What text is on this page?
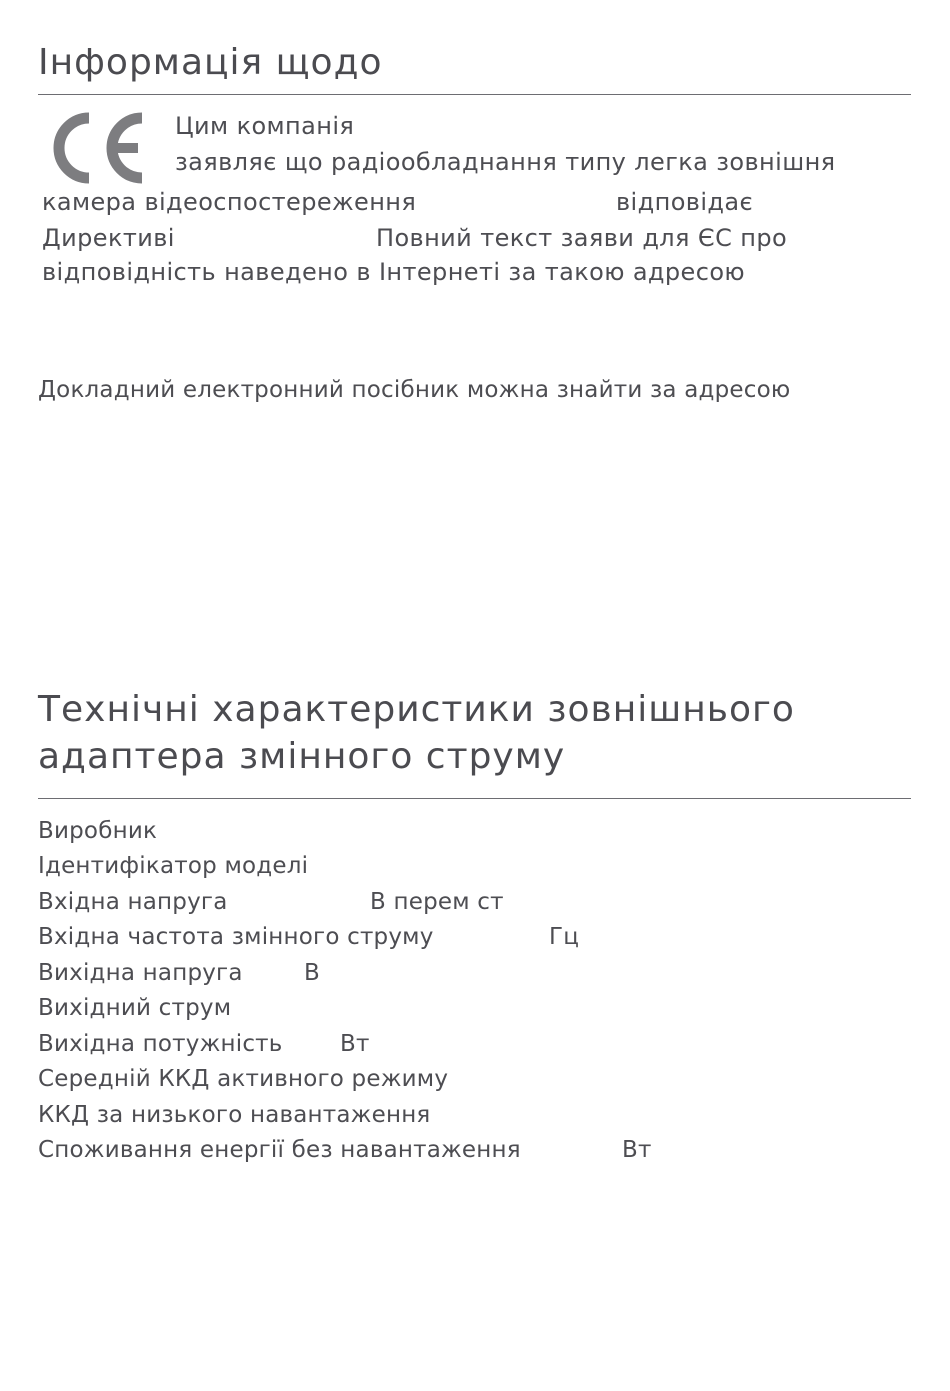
Інформація щодо
Цим компанія
заявляє що радіообладнання типу легка зовнішня
камера відеоспостереження	відповідає
Директиві	Повний текст заяви для ЄС про
відповідність наведено в Інтернеті за такою адресою
Докладний електронний посібник можна знайти за адресою
Технічні характеристики зовнішнього
адаптера змінного струму
Виробник
Ідентифікатор моделі
Вхідна напруга	В перем ст
Вхідна частота змінного струму	Гц
Вихідна напруга	В
Вихідний струм
Вихідна потужність Вт
Середній ККД активного режиму
ККД за низького навантаження
Споживання енергії без навантаження	Вт
